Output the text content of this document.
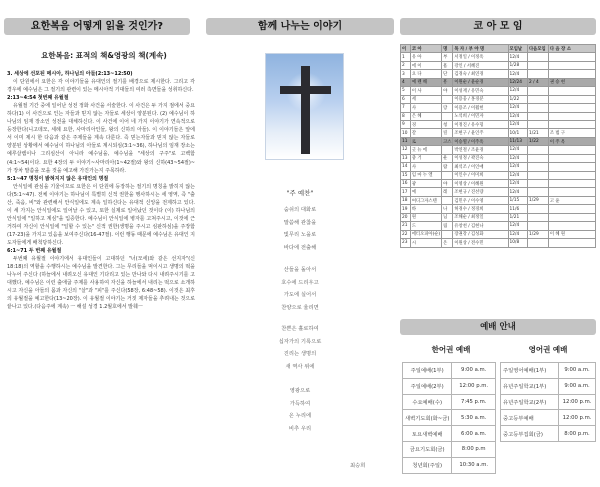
요한복음 어떻게 읽을 것인가?
요한복음: 표적의 책&영광의 책(계속)
3. 세상에 선포된 메시아, 하나님의 아들(2:13~12:50)

이 단원에서 요한은 각 이야기들을 유대인의 절기를 배경으로 제시한다. 그리고 각 경우에 예수님은 그 절기의 관련이 있는 메시아적 기대들의 여러 측면들을 성취하신다.

2:13~4:54 첫번째 유월절

유월절 기간 중에 일어난 성전 정화 사건을 서술한다. 이 사건은 두 가지 점에서 중요하다(1) 이 사건으로 인는 자들과 믿지 않는 자들로 세상이 양분된다. (2) 예수님이 하나님의 임재 장소인 성전을 대체하신다. 이 사건에 이어 네 가지 이야기가 연속적으로 등장한다(니고데모, 세례 요한, 사마리아인들, 왕의 신하의 아들). 이 이야기들은 앞에서 이미 제시 한 다음과 같은 주제들을 계속 다룬다. 즉 믿는자들과 믿지 않는 자들로 양분된 상황에서 예수님이 하나님의 아들로 계시되심(3:1~36), 하나님의 임재 장소는 예루살렘이나 그리심산이 아니라 예수님을, 예수님을 "세상의 구주"로 고백함(4:1~54)이다. 요한 4장의 두 이야기~사마리아(1~42절)와 왕의 신하(43~54절)~가 장차 말씀을 모을 것을 예고해 가진가는지 주목하라.

5:1~47 명칭이 밝혀지지 않은 유대인의 명절

안식일에 관심을 기울이므로 요한은 이 단원에 등장하는 절기의 명칭을 밝히지 않는다(5:1~47). 전체 이야기는 하나님이 특별히 신적 권한을 행사하시는 세 영역, 즉 "출산, 죽음, 비"와 관련해서 안식일에도 계속 일하신다는 유대적 신앙을 전제하고 있다. 이 세 가지는 안식일에도 일어날 수 있고, 또한 실제로 일어났던 것이다 (이) 하나님의 안식일에 "일하고 계심"을 입증한다. 예수님이 안식일에 병자를 고쳐주시고, 이것에 근거하여 자신이 안식일에 "일할 수 있는" 신적 권한(생명을 주시고 심판하심)을 주장함(17-23)을 가지고 있음을 보여주신다(16-47절). 이런 행동 때문에 예수님은 유대인 지도자들에게 배척당하신다.

6:1~71 두 번째 유월절

두번째 유월절 이야기에서 유대인들이 고대하던 "너(모세)와 같은 선지자"(신 18:18)의 역할을 수행하시는 예수님을 발견한다. 그는 무리들을 먹이시고 생명의 떡을 나누어 주신다 (하늘에서 내려오신 유대인 기다리고 있는 만나와 다시 내려주시기를 고대했다, 예수님은 이런 출애굽 주제를 사용하여 자신을 하늘에서 내리는 떡으로 소개하시고 자신을 아들의 몸과 자신의 "살"과 "피"를 주신다(58장, 6:48~58). 이것은 최후의 유월절을 예고한다(13~20장). 이 유월절 이야기는 거짓 제자들을 추려내는 것으로 끝나고 있다.(다음주에 계속) ㅡ 해설 성경 1.2월호에서 발췌ㅡ

함께 나누는 이야기
"주 예찬"
숨쉬의 대화로
말씀해 관찮을
빛무리 노을로
바다에 전출해
산들을 돌아서
호수에 드리우고
가도에 실어서
찬양으로 울리면
찬쁜은 흘로하여
십자가의 기록으로
진리는 생명의
새 역사 위에
영광으로
가득하여
온 누리에
비추 우리
최승희
코 아 모 임
이	코 아	명	목 자 / 부 야 명	모임날	다음모임	다 음 장 소
1	유 아	부	서정일 / 이정옥	12/4		
2	에 이	흠	강인 / 서혜진	1/28		
3	요 다	단	김경숙 / 최연경	12/4		
4	예 렌 해	흥	이원순 / 윤순경	12/24	2 / 4	권 승 현
5	이 사	야	이성재 / 유민숙	12/4		
6	세		이용웅 / 홍경분	1/22		
7	사	랑	이용조 / 이월헌	12/4		
8	은 혜		노석희 / 이민자	12/4		
9	경	청	이정진 / 유수형	12/4		
10	갈	릴	조현구 / 윤인주	10/1	1/21	조 범 구
11	로	고스	이승열 / 이주옥	11/13	1/22	이 주 옥
12	굿 뉴 에		박연철 / 조윤경	12/4		
13	충 거	운	이성정 / 곽진숙	12/4		
14	사	람	최석조 / 이인애	12/4		
15	임 마 누 엘		이인수 / 이미희	12/4		
16	광	야	이영상 / 이혜원	12/4		
17	예	레	조현규 / 진선량	12/4		
18	여디그자스텐		김민우 / 이수영	1/15	1/29	고 윤
19	바	나	허경수 / 정경희	11/6		
20	원	님	조해순 / 최정일	1/21		
21	드	림	유창천 / 김현나	12/4		
22	에티오피아(순)		장권강 / 김성화	12/4	1/29	이 혜 원
23	시	온	이원상 / 전수민	10/8		
예배 안내
한어권 예배	영어권 예배
주일예배(1부)	9:00 a.m.
주일예배(2부)	12:00 p.m.
수요예배(수)	7:45 p.m.
새벽기도회(화~금)	5:30 a.m.
토요새벽예배	6:00 a.m.
금요기도회(금)	8:00 p.m
청년회(주일)	10:30 a.m.
주일영어예배(1부)	9:00 a.m.
유년주일학교(1부)	9:00 a.m.
유년주일학교(2부)	12:00 p.m.
중고등부예배	12:00 p.m.
중고등부집회(금)	8:00 p.m.
